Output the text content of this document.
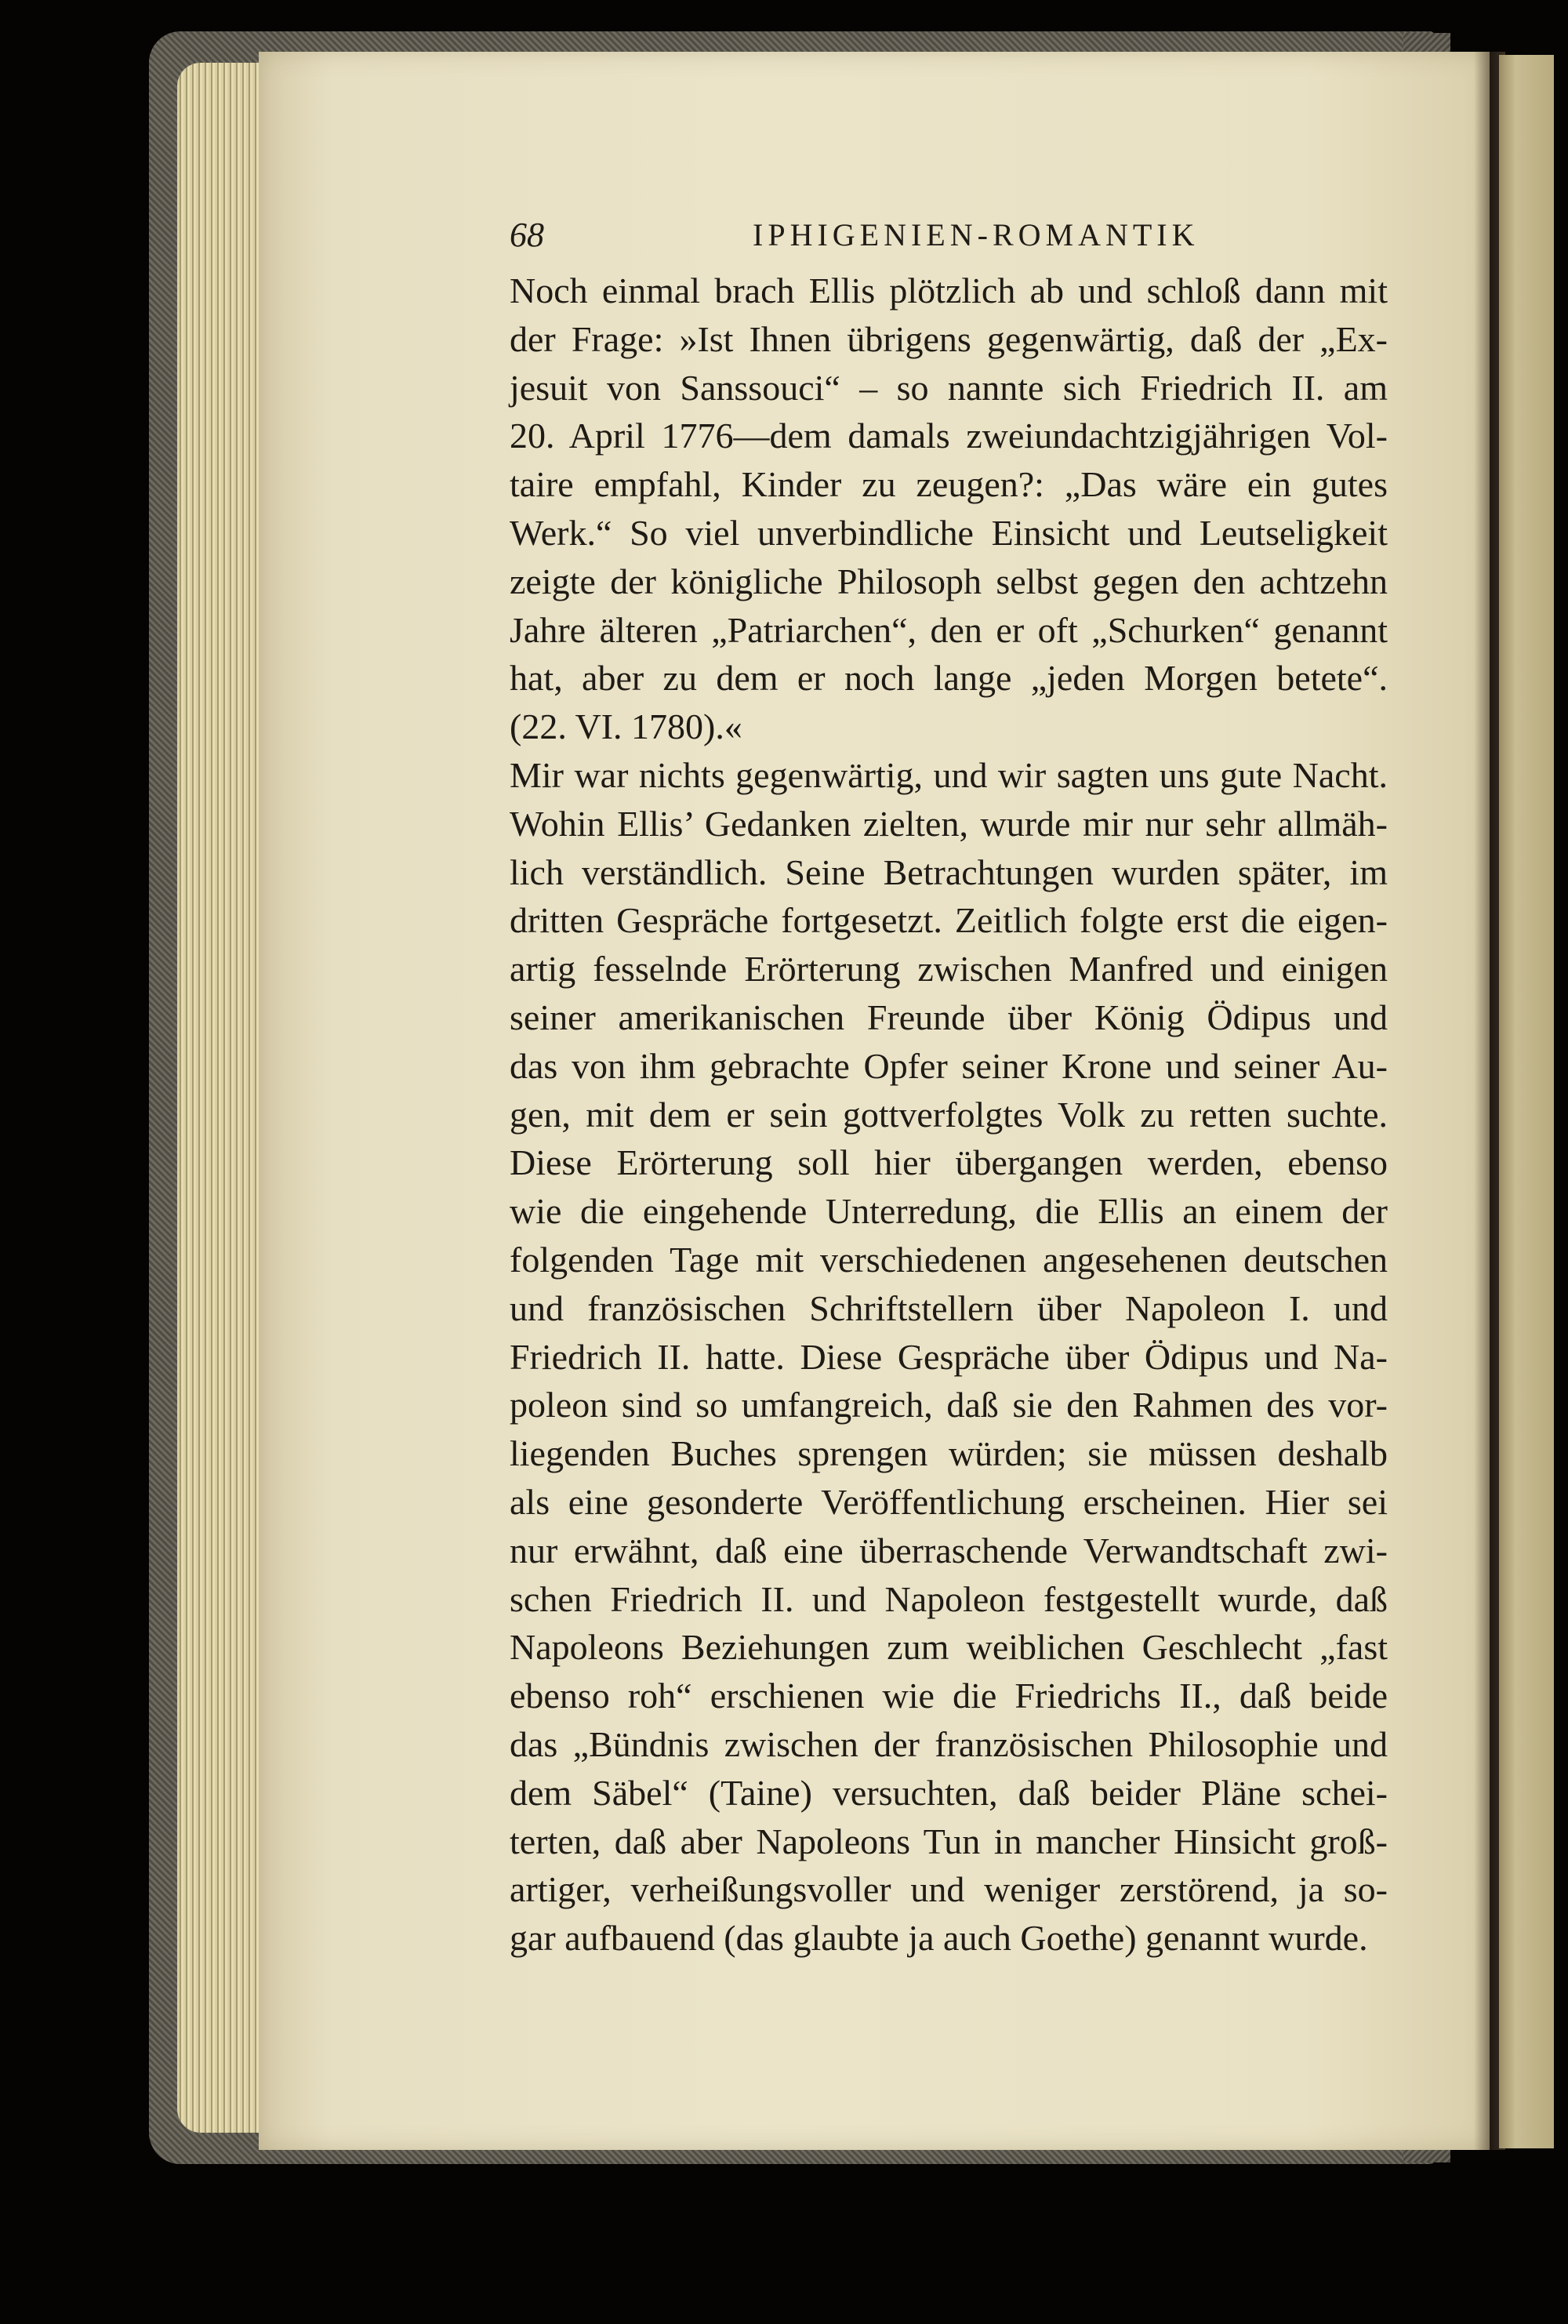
68	IPHIGENIEN-ROMANTIK
Noch einmal brach Ellis plötzlich ab und schloß dann mit
der Frage: »Ist Ihnen übrigens gegenwärtig, daß der „Ex-
jesuit von Sanssouci“ – so nannte sich Friedrich II. am
20. April 1776—dem damals zweiundachtzigjährigen Vol-
taire empfahl, Kinder zu zeugen?: „Das wäre ein gutes
Werk.“ So viel unverbindliche Einsicht und Leutseligkeit
zeigte der königliche Philosoph selbst gegen den achtzehn
Jahre älteren „Patriarchen“, den er oft „Schurken“ genannt
hat, aber zu dem er noch lange „jeden Morgen betete“.
(22. VI. 1780).«
Mir war nichts gegenwärtig, und wir sagten uns gute Nacht.
Wohin Ellis’ Gedanken zielten, wurde mir nur sehr allmäh-
lich verständlich. Seine Betrachtungen wurden später, im
dritten Gespräche fortgesetzt. Zeitlich folgte erst die eigen-
artig fesselnde Erörterung zwischen Manfred und einigen
seiner amerikanischen Freunde über König Ödipus und
das von ihm gebrachte Opfer seiner Krone und seiner Au-
gen, mit dem er sein gottverfolgtes Volk zu retten suchte.
Diese Erörterung soll hier übergangen werden, ebenso
wie die eingehende Unterredung, die Ellis an einem der
folgenden Tage mit verschiedenen angesehenen deutschen
und französischen Schriftstellern über Napoleon I. und
Friedrich II. hatte. Diese Gespräche über Ödipus und Na-
poleon sind so umfangreich, daß sie den Rahmen des vor-
liegenden Buches sprengen würden; sie müssen deshalb
als eine gesonderte Veröffentlichung erscheinen. Hier sei
nur erwähnt, daß eine überraschende Verwandtschaft zwi-
schen Friedrich II. und Napoleon festgestellt wurde, daß
Napoleons Beziehungen zum weiblichen Geschlecht „fast
ebenso roh“ erschienen wie die Friedrichs II., daß beide
das „Bündnis zwischen der französischen Philosophie und
dem Säbel“ (Taine) versuchten, daß beider Pläne schei-
terten, daß aber Napoleons Tun in mancher Hinsicht groß-
artiger, verheißungsvoller und weniger zerstörend, ja so-
gar aufbauend (das glaubte ja auch Goethe) genannt wurde.
